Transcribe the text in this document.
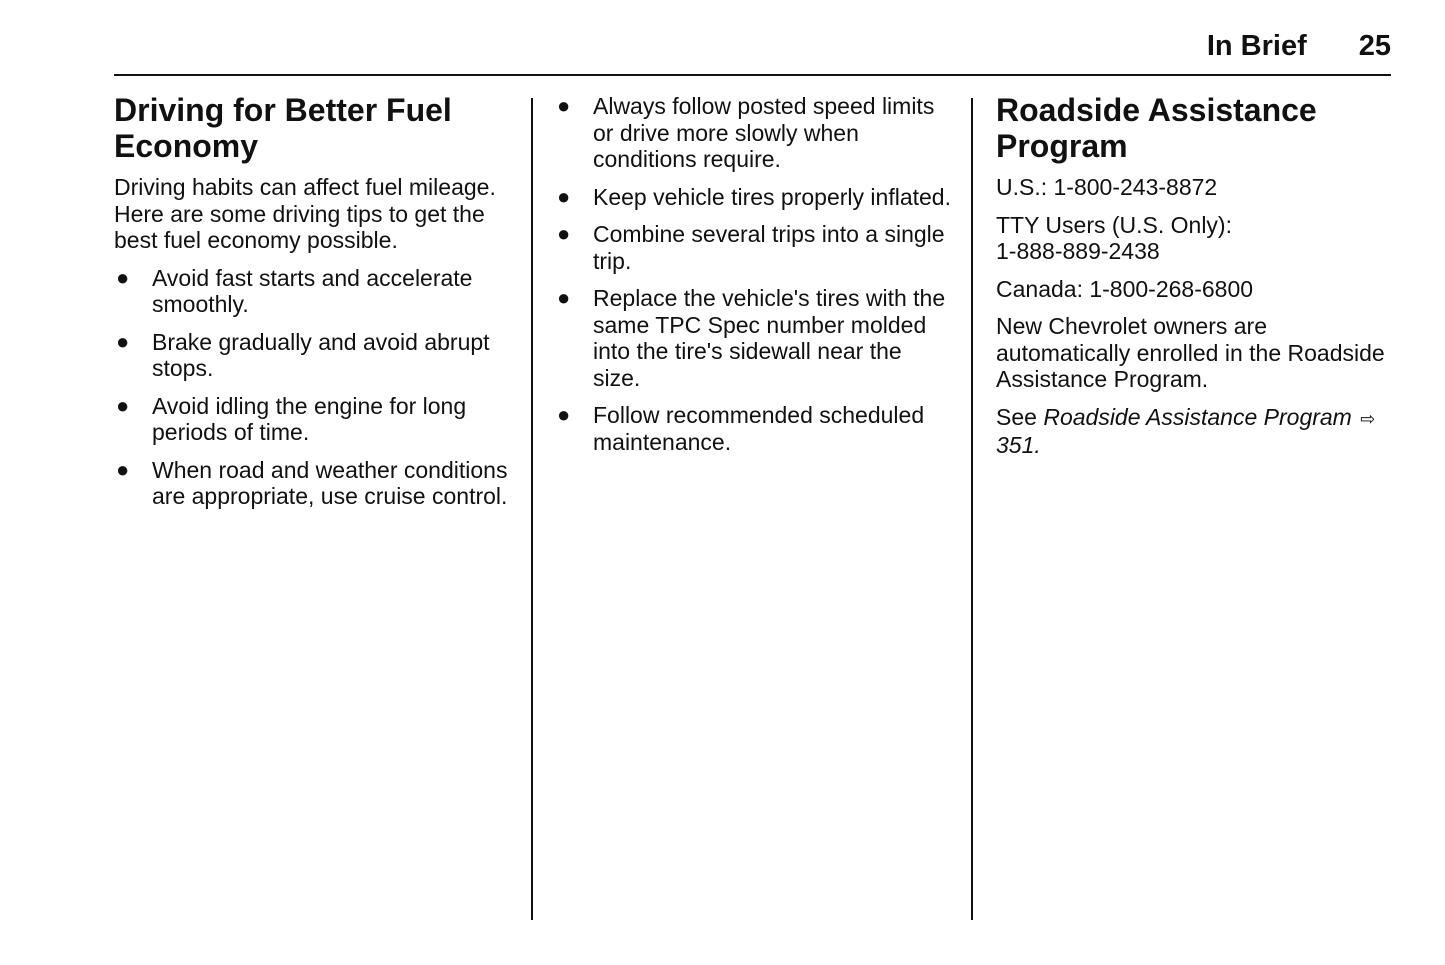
In Brief 25
Driving for Better Fuel Economy

Driving habits can affect fuel mileage. Here are some driving tips to get the best fuel economy possible.

● Avoid fast starts and accelerate smoothly.
● Brake gradually and avoid abrupt stops.
● Avoid idling the engine for long periods of time.
● When road and weather conditions are appropriate, use cruise control.
● Always follow posted speed limits or drive more slowly when conditions require.
● Keep vehicle tires properly inflated.
● Combine several trips into a single trip.
● Replace the vehicle's tires with the same TPC Spec number molded into the tire's sidewall near the size.
● Follow recommended scheduled maintenance.
Roadside Assistance Program

U.S.: 1-800-243-8872

TTY Users (U.S. Only):
1-888-889-2438

Canada: 1-800-268-6800

New Chevrolet owners are automatically enrolled in the Roadside Assistance Program.

See Roadside Assistance Program ⇨ 351.
